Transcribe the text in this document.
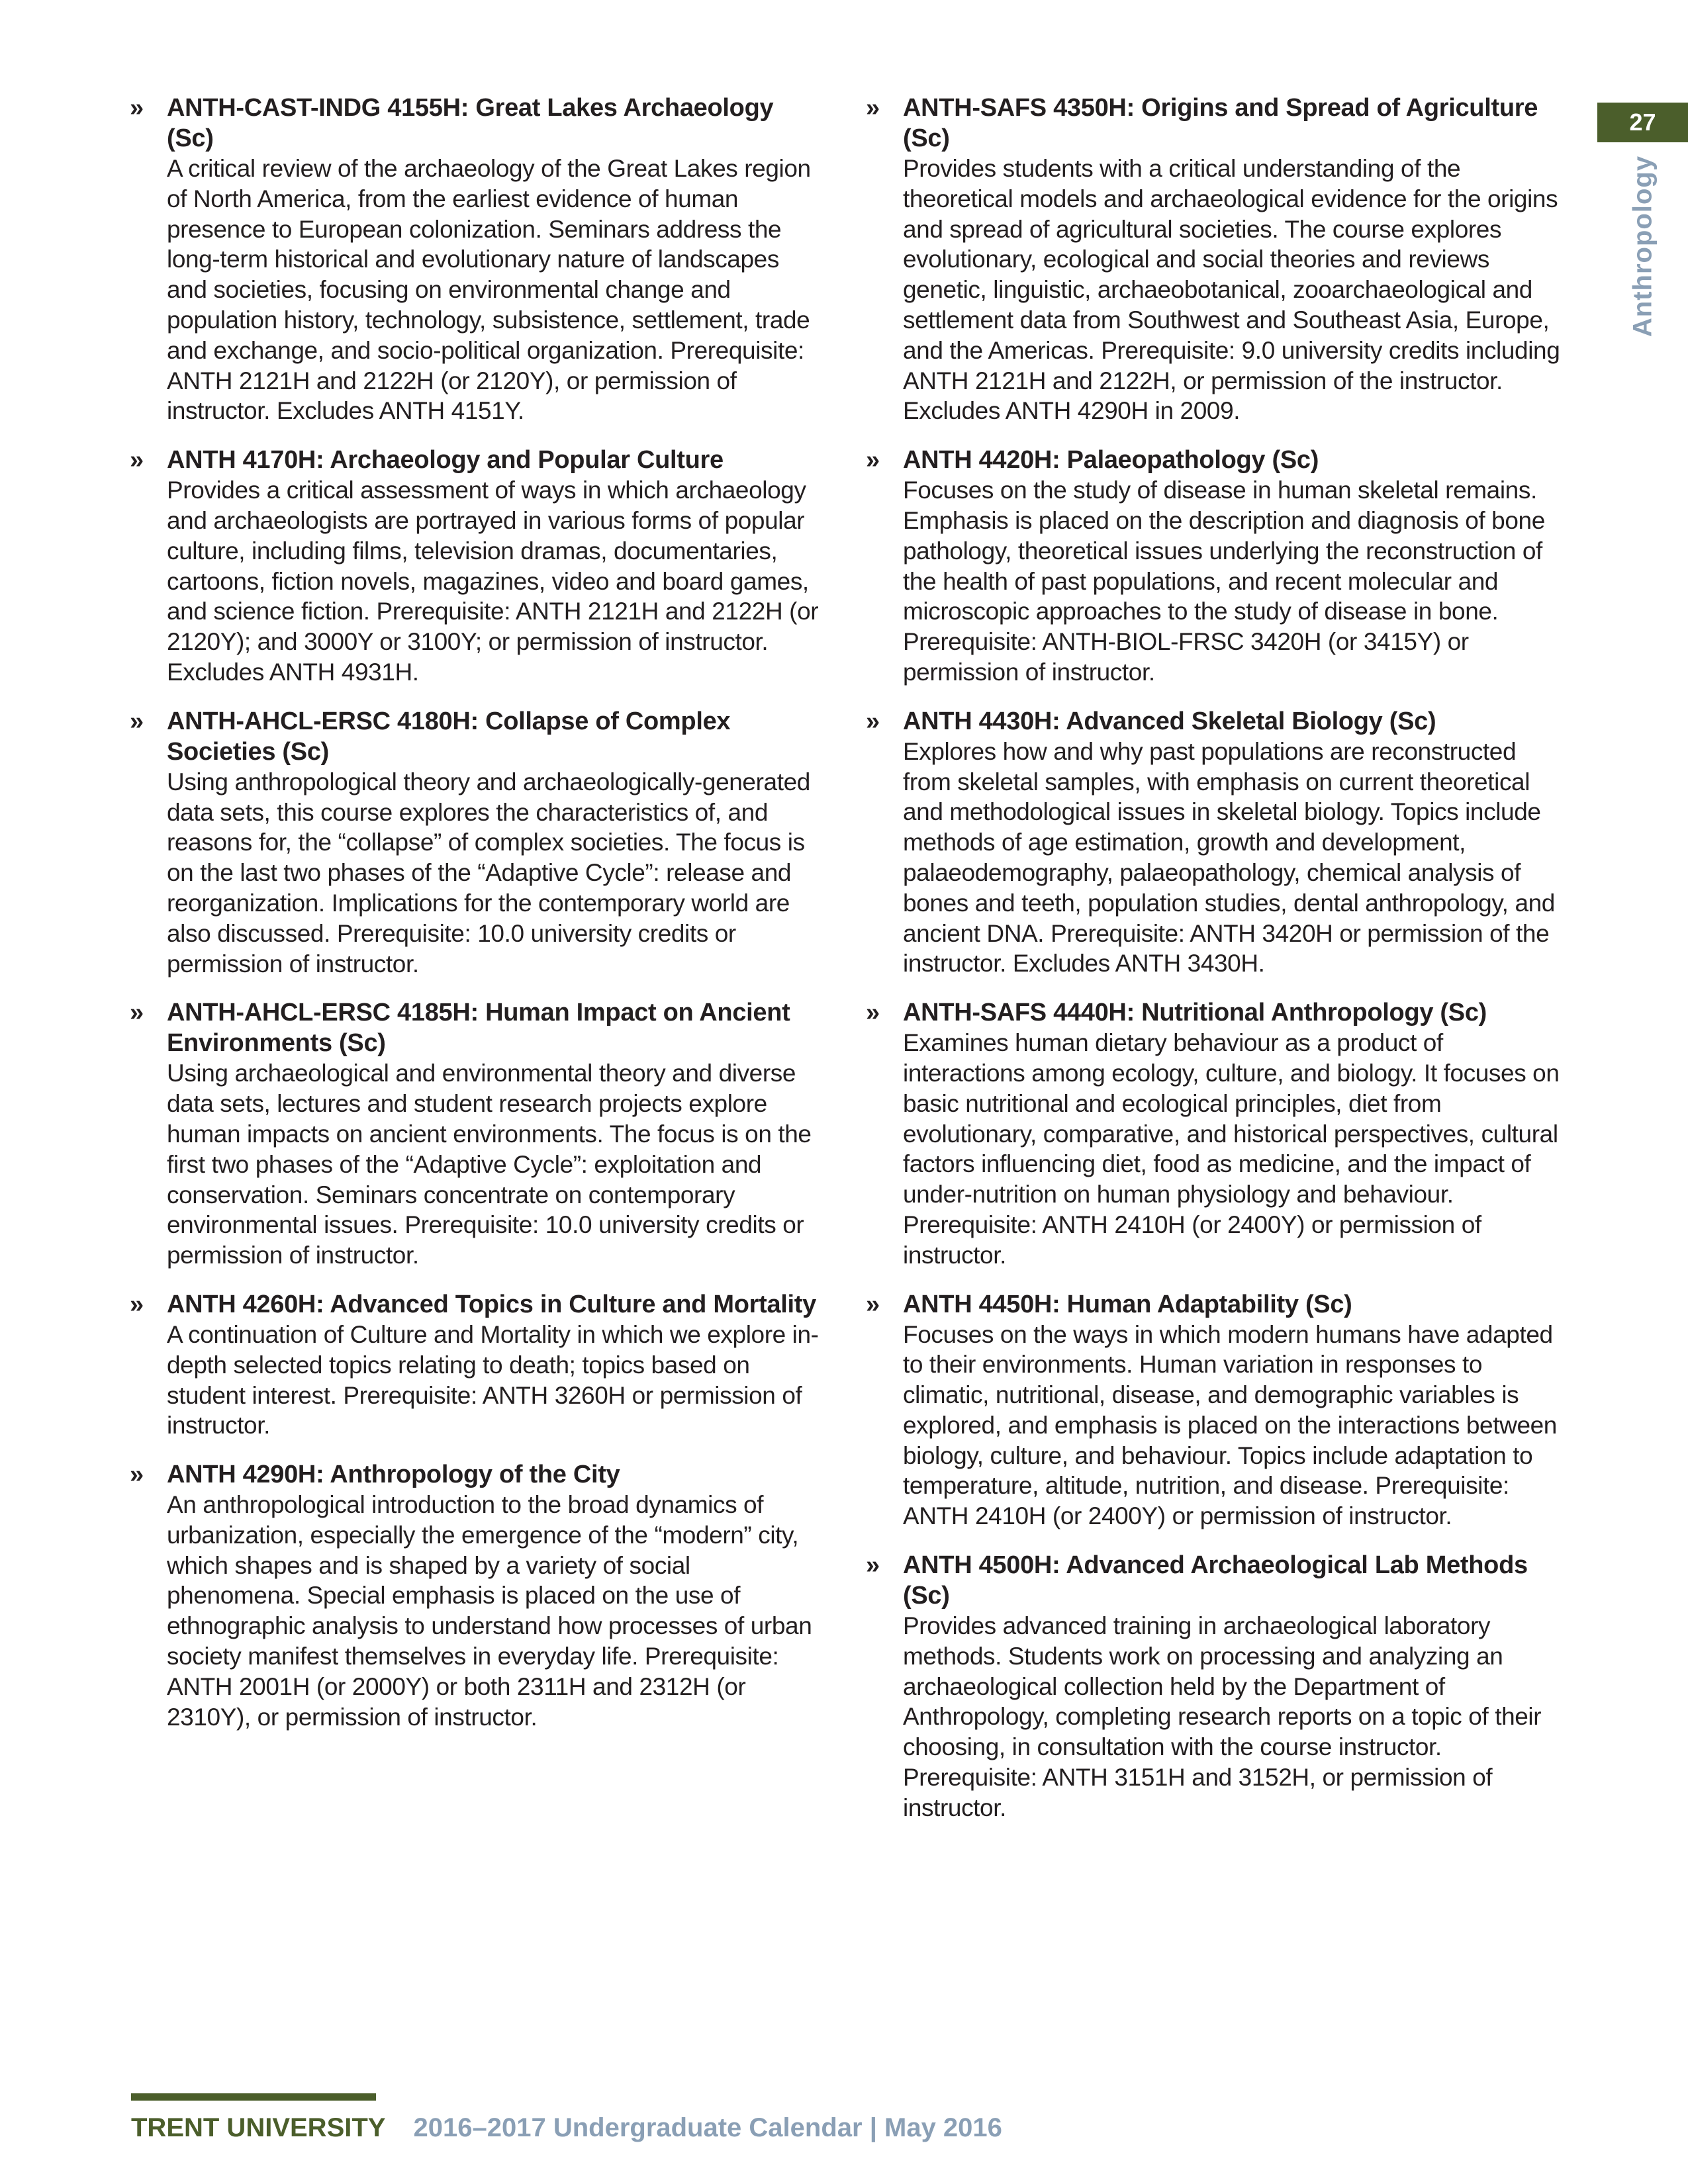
» ANTH-CAST-INDG 4155H: Great Lakes Archaeology (Sc)
A critical review of the archaeology of the Great Lakes region of North America, from the earliest evidence of human presence to European colonization. Seminars address the long-term historical and evolutionary nature of landscapes and societies, focusing on environmental change and population history, technology, subsistence, settlement, trade and exchange, and socio-political organization. Prerequisite: ANTH 2121H and 2122H (or 2120Y), or permission of instructor. Excludes ANTH 4151Y.
» ANTH 4170H: Archaeology and Popular Culture
Provides a critical assessment of ways in which archaeology and archaeologists are portrayed in various forms of popular culture, including films, television dramas, documentaries, cartoons, fiction novels, magazines, video and board games, and science fiction. Prerequisite: ANTH 2121H and 2122H (or 2120Y); and 3000Y or 3100Y; or permission of instructor. Excludes ANTH 4931H.
» ANTH-AHCL-ERSC 4180H: Collapse of Complex Societies (Sc)
Using anthropological theory and archaeologically-generated data sets, this course explores the characteristics of, and reasons for, the “collapse” of complex societies. The focus is on the last two phases of the “Adaptive Cycle”: release and reorganization. Implications for the contemporary world are also discussed. Prerequisite: 10.0 university credits or permission of instructor.
» ANTH-AHCL-ERSC 4185H: Human Impact on Ancient Environments (Sc)
Using archaeological and environmental theory and diverse data sets, lectures and student research projects explore human impacts on ancient environments. The focus is on the first two phases of the “Adaptive Cycle”: exploitation and conservation. Seminars concentrate on contemporary environmental issues. Prerequisite: 10.0 university credits or permission of instructor.
» ANTH 4260H: Advanced Topics in Culture and Mortality
A continuation of Culture and Mortality in which we explore in-depth selected topics relating to death; topics based on student interest. Prerequisite: ANTH 3260H or permission of instructor.
» ANTH 4290H: Anthropology of the City
An anthropological introduction to the broad dynamics of urbanization, especially the emergence of the “modern” city, which shapes and is shaped by a variety of social phenomena. Special emphasis is placed on the use of ethnographic analysis to understand how processes of urban society manifest themselves in everyday life. Prerequisite: ANTH 2001H (or 2000Y) or both 2311H and 2312H (or 2310Y), or permission of instructor.
» ANTH-SAFS 4350H: Origins and Spread of Agriculture (Sc)
Provides students with a critical understanding of the theoretical models and archaeological evidence for the origins and spread of agricultural societies. The course explores evolutionary, ecological and social theories and reviews genetic, linguistic, archaeobotanical, zooarchaeological and settlement data from Southwest and Southeast Asia, Europe, and the Americas. Prerequisite: 9.0 university credits including ANTH 2121H and 2122H, or permission of the instructor. Excludes ANTH 4290H in 2009.
» ANTH 4420H: Palaeopathology (Sc)
Focuses on the study of disease in human skeletal remains. Emphasis is placed on the description and diagnosis of bone pathology, theoretical issues underlying the reconstruction of the health of past populations, and recent molecular and microscopic approaches to the study of disease in bone. Prerequisite: ANTH-BIOL-FRSC 3420H (or 3415Y) or permission of instructor.
» ANTH 4430H: Advanced Skeletal Biology (Sc)
Explores how and why past populations are reconstructed from skeletal samples, with emphasis on current theoretical and methodological issues in skeletal biology. Topics include methods of age estimation, growth and development, palaeodemography, palaeopathology, chemical analysis of bones and teeth, population studies, dental anthropology, and ancient DNA. Prerequisite: ANTH 3420H or permission of the instructor. Excludes ANTH 3430H.
» ANTH-SAFS 4440H: Nutritional Anthropology (Sc)
Examines human dietary behaviour as a product of interactions among ecology, culture, and biology. It focuses on basic nutritional and ecological principles, diet from evolutionary, comparative, and historical perspectives, cultural factors influencing diet, food as medicine, and the impact of under-nutrition on human physiology and behaviour. Prerequisite: ANTH 2410H (or 2400Y) or permission of instructor.
» ANTH 4450H: Human Adaptability (Sc)
Focuses on the ways in which modern humans have adapted to their environments. Human variation in responses to climatic, nutritional, disease, and demographic variables is explored, and emphasis is placed on the interactions between biology, culture, and behaviour. Topics include adaptation to temperature, altitude, nutrition, and disease. Prerequisite: ANTH 2410H (or 2400Y) or permission of instructor.
» ANTH 4500H: Advanced Archaeological Lab Methods (Sc)
Provides advanced training in archaeological laboratory methods. Students work on processing and analyzing an archaeological collection held by the Department of Anthropology, completing research reports on a topic of their choosing, in consultation with the course instructor. Prerequisite: ANTH 3151H and 3152H, or permission of instructor.
27
Anthropology
TRENT UNIVERSITY 2016–2017 Undergraduate Calendar | May 2016
